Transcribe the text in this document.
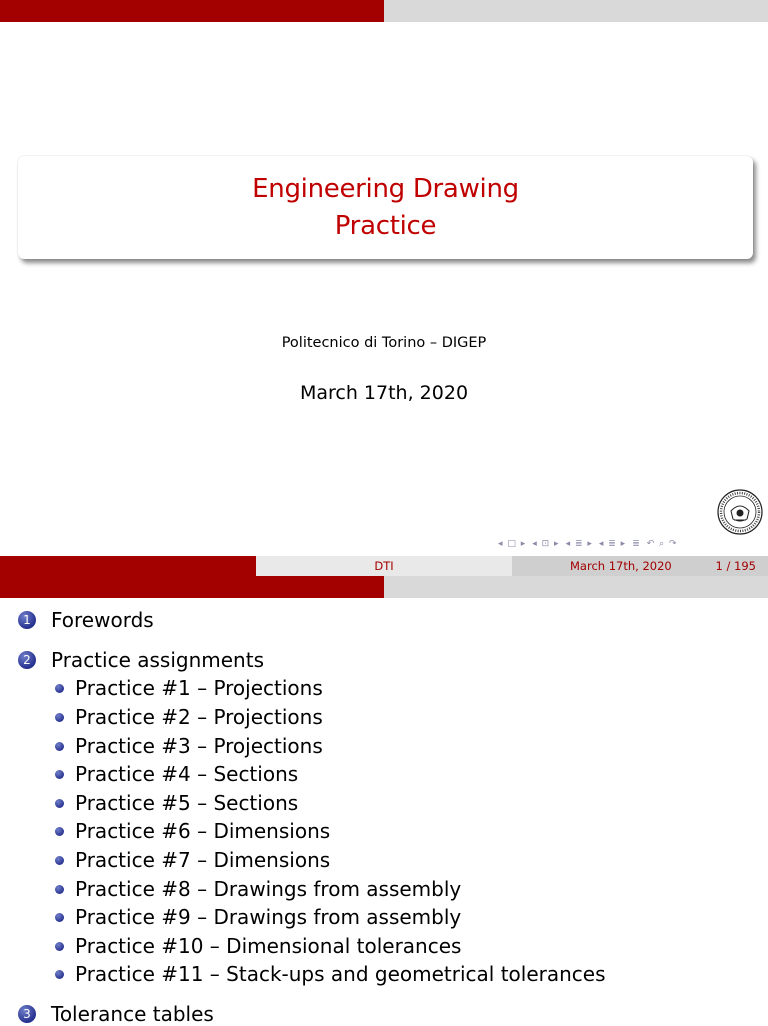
Engineering Drawing
Practice
Politecnico di Torino – DIGEP
March 17th, 2020
◂ □ ▸ ◂ ⊡ ▸ ◂ ≣ ▸ ◂ ≣ ▸ ≣ ↶ ⌕ ↷
DTI	March 17th, 2020	1 / 195
1 Forewords
2 Practice assignments
Practice #1 – Projections
Practice #2 – Projections
Practice #3 – Projections
Practice #4 – Sections
Practice #5 – Sections
Practice #6 – Dimensions
Practice #7 – Dimensions
Practice #8 – Drawings from assembly
Practice #9 – Drawings from assembly
Practice #10 – Dimensional tolerances
Practice #11 – Stack-ups and geometrical tolerances
3 Tolerance tables
